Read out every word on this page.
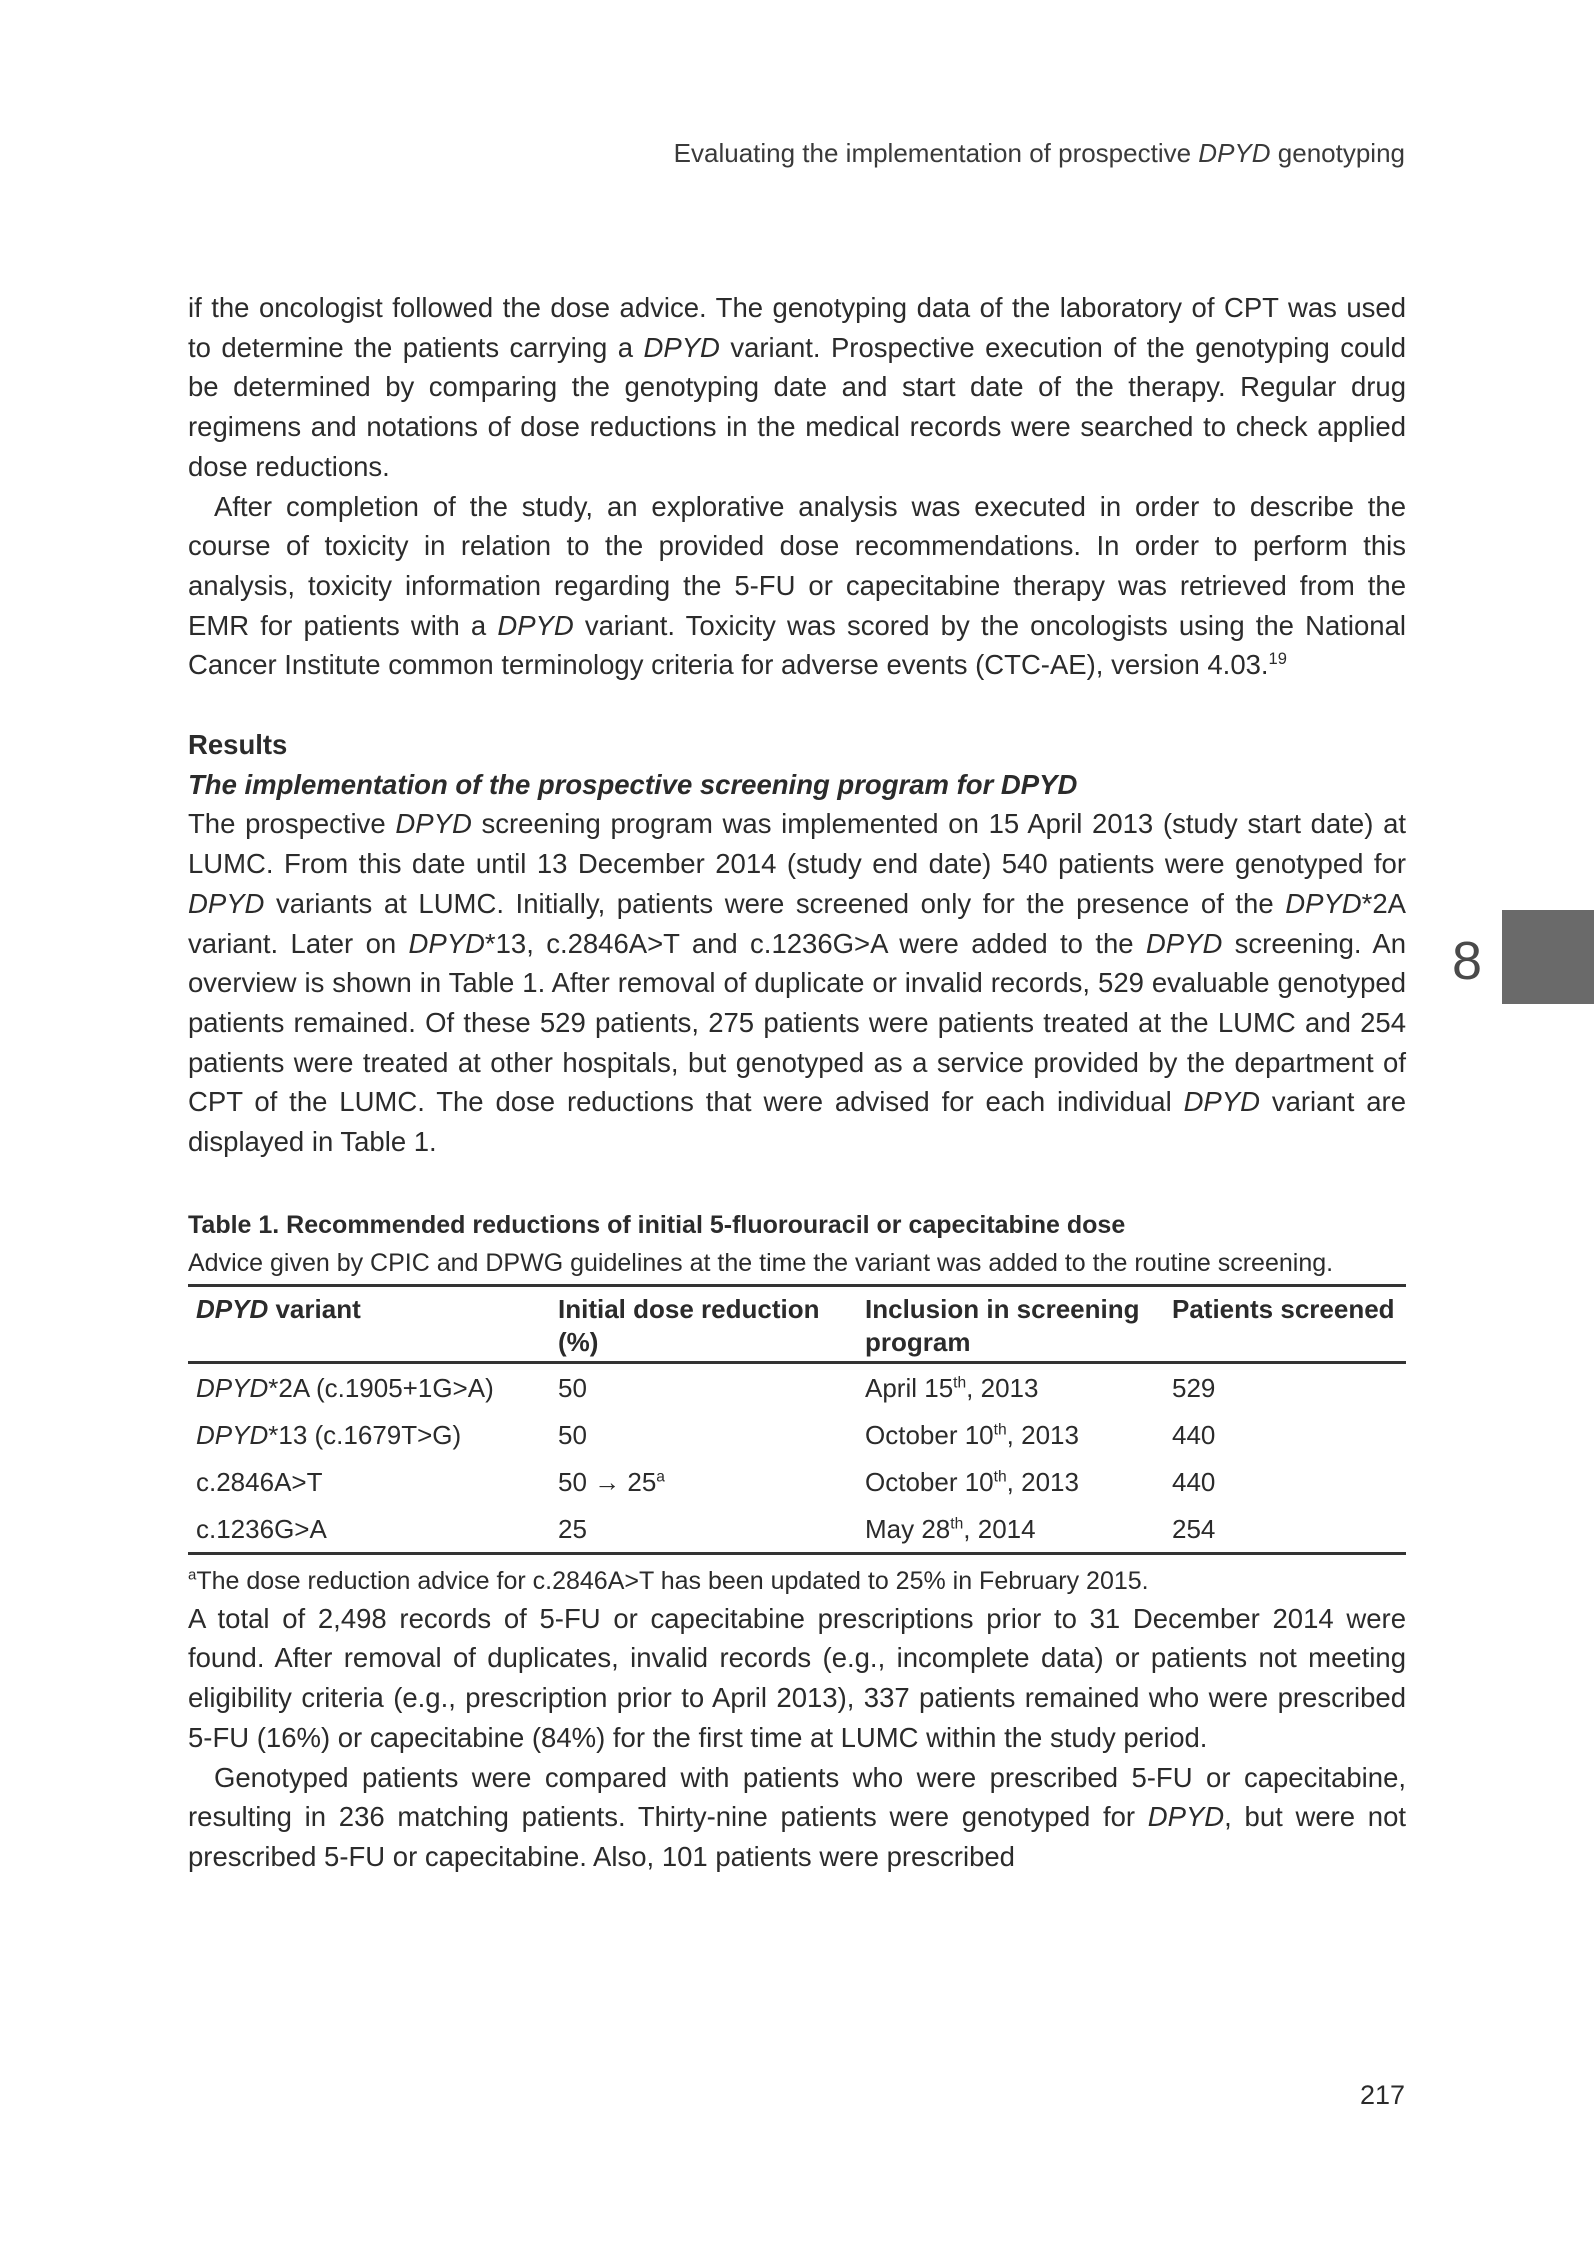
Evaluating the implementation of prospective DPYD genotyping

if the oncologist followed the dose advice. The genotyping data of the laboratory of CPT was used to determine the patients carrying a DPYD variant. Prospective execution of the genotyping could be determined by comparing the genotyping date and start date of the therapy. Regular drug regimens and notations of dose reductions in the medical records were searched to check applied dose reductions.

After completion of the study, an explorative analysis was executed in order to describe the course of toxicity in relation to the provided dose recommendations. In order to perform this analysis, toxicity information regarding the 5-FU or capecitabine therapy was retrieved from the EMR for patients with a DPYD variant. Toxicity was scored by the oncologists using the National Cancer Institute common terminology criteria for adverse events (CTC-AE), version 4.03.19

Results
The implementation of the prospective screening program for DPYD

The prospective DPYD screening program was implemented on 15 April 2013 (study start date) at LUMC. From this date until 13 December 2014 (study end date) 540 patients were genotyped for DPYD variants at LUMC. Initially, patients were screened only for the presence of the DPYD*2A variant. Later on DPYD*13, c.2846A>T and c.1236G>A were added to the DPYD screening. An overview is shown in Table 1. After removal of duplicate or invalid records, 529 evaluable genotyped patients remained. Of these 529 patients, 275 patients were patients treated at the LUMC and 254 patients were treated at other hospitals, but genotyped as a service provided by the department of CPT of the LUMC. The dose reductions that were advised for each individual DPYD variant are displayed in Table 1.

Table 1. Recommended reductions of initial 5-fluorouracil or capecitabine dose
Advice given by CPIC and DPWG guidelines at the time the variant was added to the routine screening.
DPYD variant	Initial dose reduction (%)	Inclusion in screening program	Patients screened
DPYD*2A (c.1905+1G>A)	50	April 15th, 2013	529
DPYD*13 (c.1679T>G)	50	October 10th, 2013	440
c.2846A>T	$50 \to 25^a$	October 10th, 2013	440
c.1236G>A	25	May 28th, 2014	254
$^a$The dose reduction advice for c.2846A>T has been updated to 25% in February 2015.

A total of 2,498 records of 5-FU or capecitabine prescriptions prior to 31 December 2014 were found. After removal of duplicates, invalid records (e.g., incomplete data) or patients not meeting eligibility criteria (e.g., prescription prior to April 2013), 337 patients remained who were prescribed 5-FU (16%) or capecitabine (84%) for the first time at LUMC within the study period.

Genotyped patients were compared with patients who were prescribed 5-FU or capecitabine, resulting in 236 matching patients. Thirty-nine patients were genotyped for DPYD, but were not prescribed 5-FU or capecitabine. Also, 101 patients were prescribed

8
217
